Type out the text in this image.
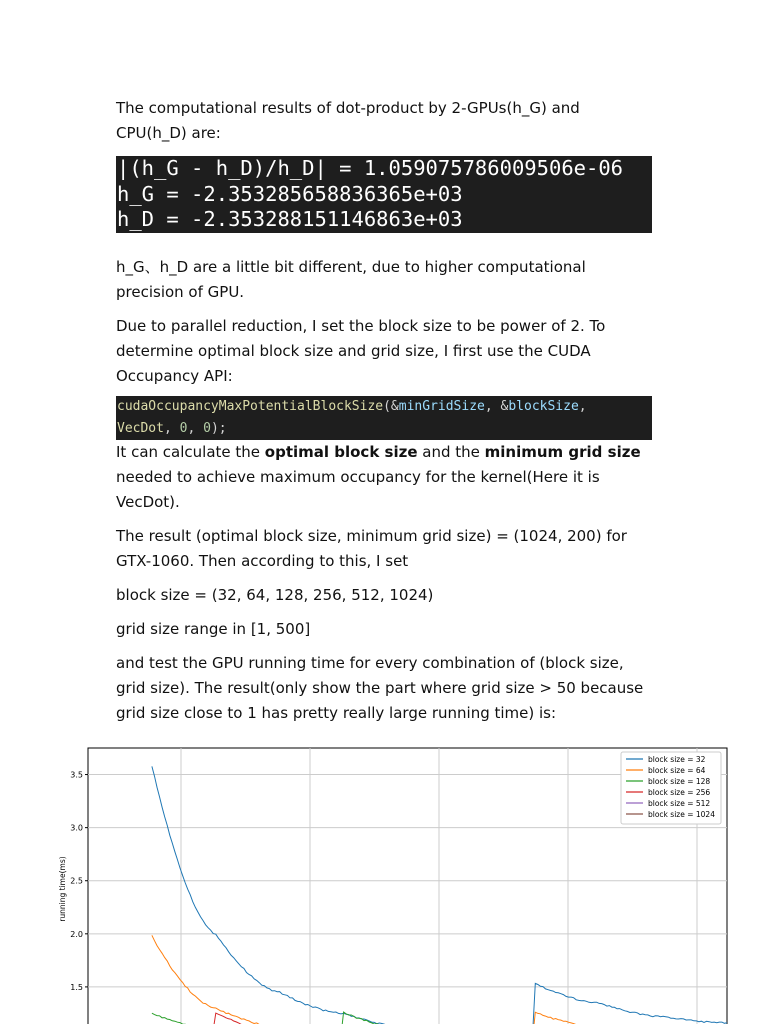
The computational results of dot-product by 2-GPUs(h_G) and CPU(h_D) are:

|(h_G - h_D)/h_D| = 1.059075786009506e-06
h_G = -2.353285658836365e+03
h_D = -2.353288151146863e+03

h_G、h_D are a little bit different, due to higher computational precision of GPU.

Due to parallel reduction, I set the block size to be power of 2. To determine optimal block size and grid size, I first use the CUDA Occupancy API:

cudaOccupancyMaxPotentialBlockSize(&minGridSize, &blockSize,
VecDot, 0, 0);

It can calculate the optimal block size and the minimum grid size needed to achieve maximum occupancy for the kernel(Here it is VecDot).

The result (optimal block size, minimum grid size) = (1024, 200) for GTX-1060. Then according to this, I set

block size = (32, 64, 128, 256, 512, 1024)

grid size range in [1, 500]

and test the GPU running time for every combination of (block size, grid size). The result(only show the part where grid size > 50 because grid size close to 1 has pretty really large running time) is:

1.5
2.0
2.5
3.0
3.5
running time(ms)
block size = 32
block size = 64
block size = 128
block size = 256
block size = 512
block size = 1024
